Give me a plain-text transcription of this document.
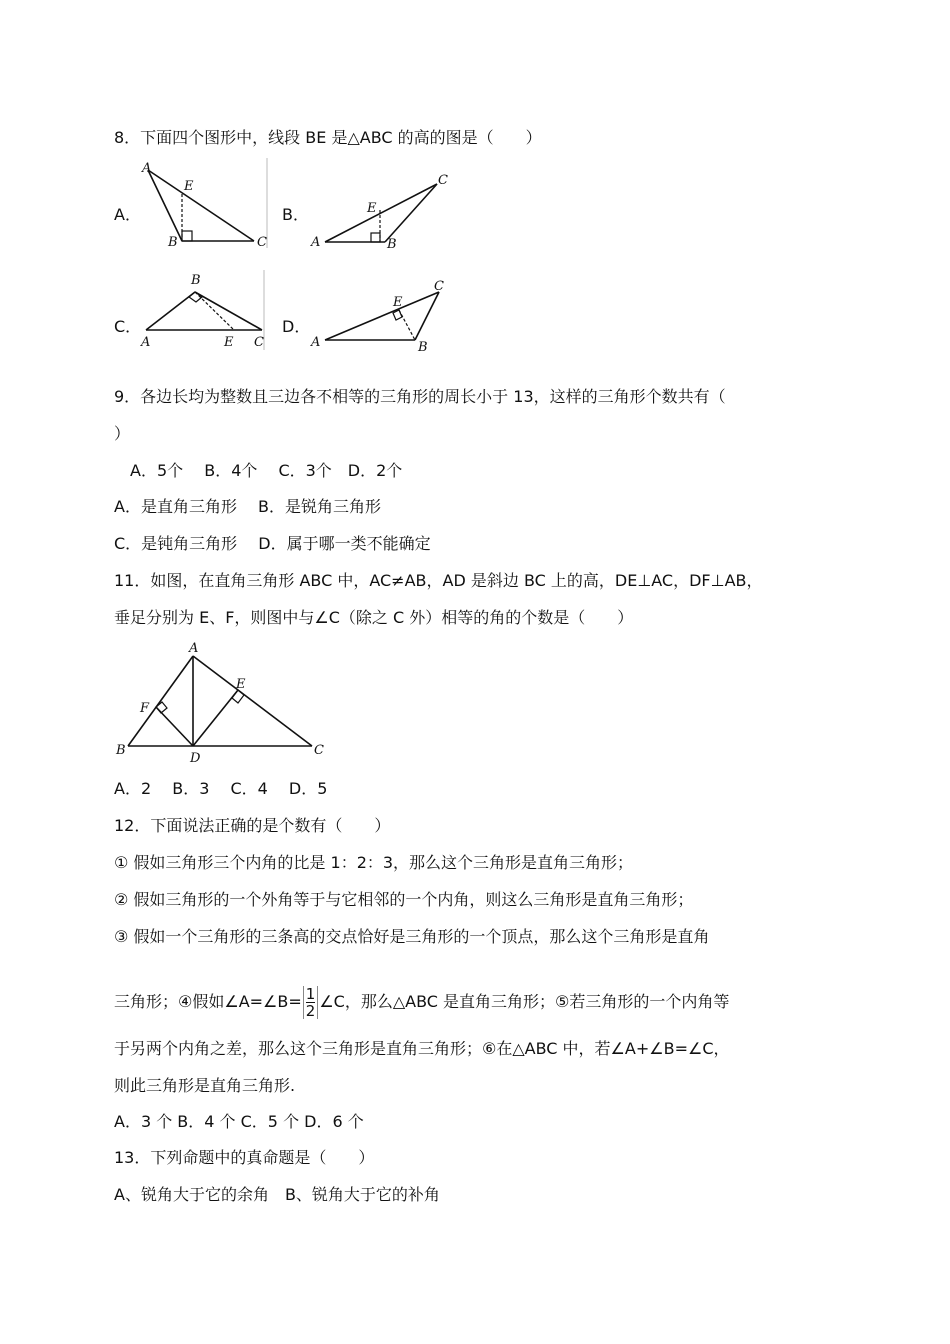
8．下面四个图形中，线段 BE 是△ABC 的高的图是（　　）
A．
A
E
B	C
B．
A
E
B
C
C．
A
B
E C
D．
A
E
B
C
9．各边长均为整数且三边各不相等的三角形的周长小于 13，这样的三角形个数共有（
）
　A．5个　 B．4个　 C．3个　D．2个
A．是直角三角形　 B．是锐角三角形
C．是钝角三角形　 D．属于哪一类不能确定
11．如图，在直角三角形 ABC 中，AC≠AB，AD 是斜边 BC 上的高，DE⊥AC，DF⊥AB，
垂足分别为 E、F，则图中与∠C（除之 C 外）相等的角的个数是（　　）
A
B	C
D
E
F
A．2　 B．3　 C．4　 D．5
12．下面说法正确的是个数有（　　）
① 假如三角形三个内角的比是 1：2：3，那么这个三角形是直角三角形；
② 假如三角形的一个外角等于与它相邻的一个内角，则这么三角形是直角三角形；
③ 假如一个三角形的三条高的交点恰好是三角形的一个顶点，那么这个三角形是直角
三角形；④假如∠A=∠B= $\frac{1}{2}$ ∠C，那么△ABC 是直角三角形；⑤若三角形的一个内角等
于另两个内角之差，那么这个三角形是直角三角形；⑥在△ABC 中，若∠A+∠B=∠C，
则此三角形是直角三角形.
A．3 个 B．4 个 C．5 个 D．6 个
13．下列命题中的真命题是（　　）
A、锐角大于它的余角　B、锐角大于它的补角
